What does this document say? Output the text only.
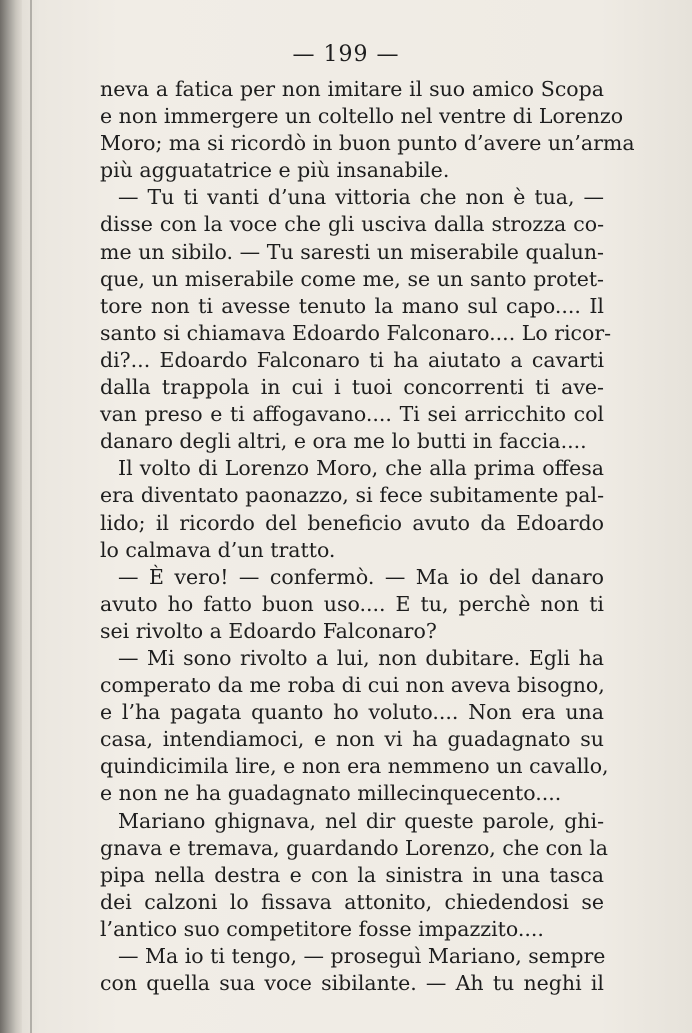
— 199 —
neva a fatica per non imitare il suo amico Scopa
e non immergere un coltello nel ventre di Lorenzo
Moro; ma si ricordò in buon punto d’avere un’arma
più agguatatrice e più insanabile.
— Tu ti vanti d’una vittoria che non è tua, —
disse con la voce che gli usciva dalla strozza co-
me un sibilo. — Tu saresti un miserabile qualun-
que, un miserabile come me, se un santo protet-
tore non ti avesse tenuto la mano sul capo.... Il
santo si chiamava Edoardo Falconaro.... Lo ricor-
di?... Edoardo Falconaro ti ha aiutato a cavarti
dalla trappola in cui i tuoi concorrenti ti ave-
van preso e ti affogavano.... Ti sei arricchito col
danaro degli altri, e ora me lo butti in faccia....
Il volto di Lorenzo Moro, che alla prima offesa
era diventato paonazzo, si fece subitamente pal-
lido; il ricordo del beneficio avuto da Edoardo
lo calmava d’un tratto.
— È vero! — confermò. — Ma io del danaro
avuto ho fatto buon uso.... E tu, perchè non ti
sei rivolto a Edoardo Falconaro?
— Mi sono rivolto a lui, non dubitare. Egli ha
comperato da me roba di cui non aveva bisogno,
e l’ha pagata quanto ho voluto.... Non era una
casa, intendiamoci, e non vi ha guadagnato su
quindicimila lire, e non era nemmeno un cavallo,
e non ne ha guadagnato millecinquecento....
Mariano ghignava, nel dir queste parole, ghi-
gnava e tremava, guardando Lorenzo, che con la
pipa nella destra e con la sinistra in una tasca
dei calzoni lo fissava attonito, chiedendosi se
l’antico suo competitore fosse impazzito....
— Ma io ti tengo, — proseguì Mariano, sempre
con quella sua voce sibilante. — Ah tu neghi il
